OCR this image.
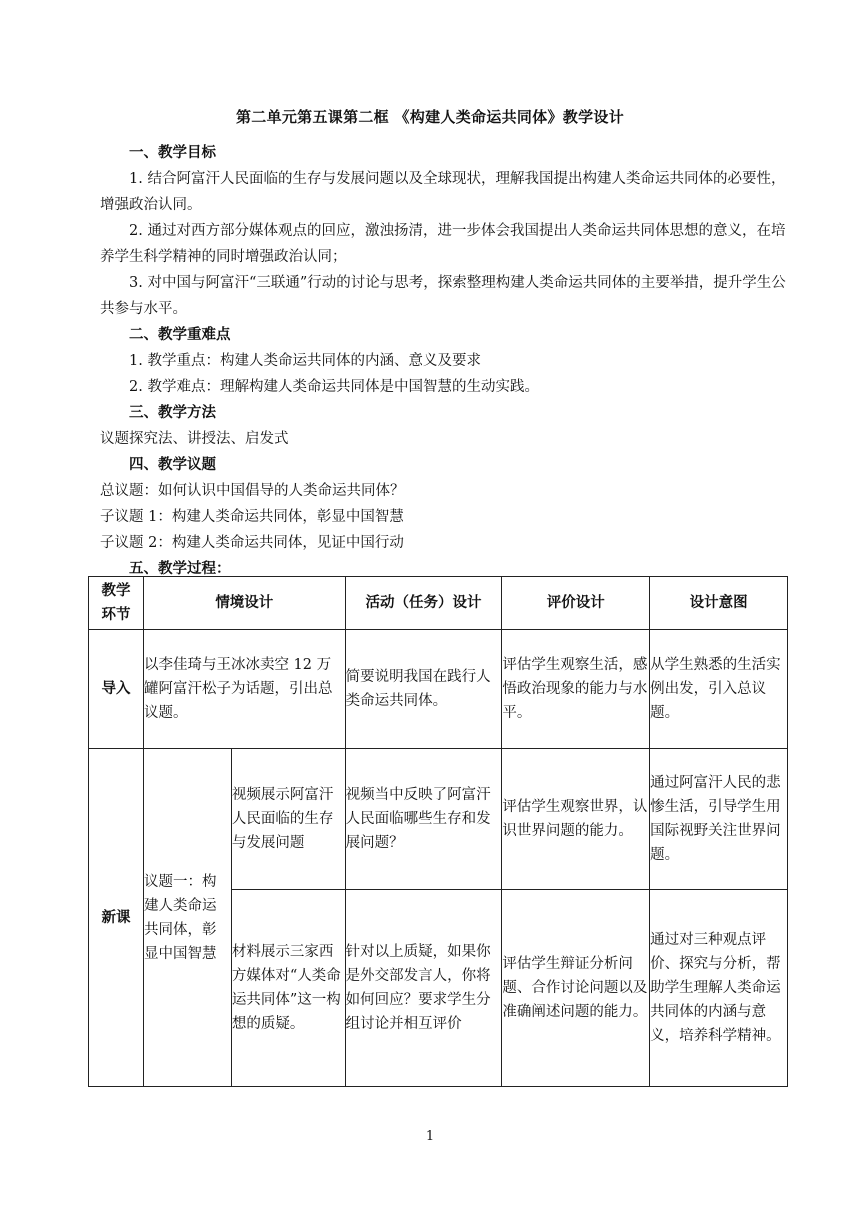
第二单元第五课第二框 《构建人类命运共同体》教学设计

一、教学目标

1. 结合阿富汗人民面临的生存与发展问题以及全球现状，理解我国提出构建人类命运共同体的必要性，增强政治认同。

2. 通过对西方部分媒体观点的回应，激浊扬清，进一步体会我国提出人类命运共同体思想的意义，在培养学生科学精神的同时增强政治认同；

3. 对中国与阿富汗“三联通”行动的讨论与思考，探索整理构建人类命运共同体的主要举措，提升学生公共参与水平。

二、教学重难点

1. 教学重点：构建人类命运共同体的内涵、意义及要求

2. 教学难点：理解构建人类命运共同体是中国智慧的生动实践。

三、教学方法

议题探究法、讲授法、启发式

四、教学议题

总议题：如何认识中国倡导的人类命运共同体？

子议题 1：构建人类命运共同体，彰显中国智慧

子议题 2：构建人类命运共同体，见证中国行动

五、教学过程：

教学环节	情境设计		活动（任务）设计	评价设计	设计意图
导入	以李佳琦与王冰冰卖空 12 万罐阿富汗松子为话题，引出总议题。		简要说明我国在践行人类命运共同体。	评估学生观察生活，感悟政治现象的能力与水平。	从学生熟悉的生活实例出发，引入总议题。
新课	议题一：构建人类命运共同体，彰显中国智慧	视频展示阿富汗人民面临的生存与发展问题	视频当中反映了阿富汗人民面临哪些生存和发展问题？	评估学生观察世界，认识世界问题的能力。	通过阿富汗人民的悲惨生活，引导学生用国际视野关注世界问题。
		材料展示三家西方媒体对“人类命运共同体”这一构想的质疑。	针对以上质疑，如果你是外交部发言人，你将如何回应？要求学生分组讨论并相互评价	评估学生辩证分析问题、合作讨论问题以及准确阐述问题的能力。	通过对三种观点评价、探究与分析，帮助学生理解人类命运共同体的内涵与意义，培养科学精神。
1
